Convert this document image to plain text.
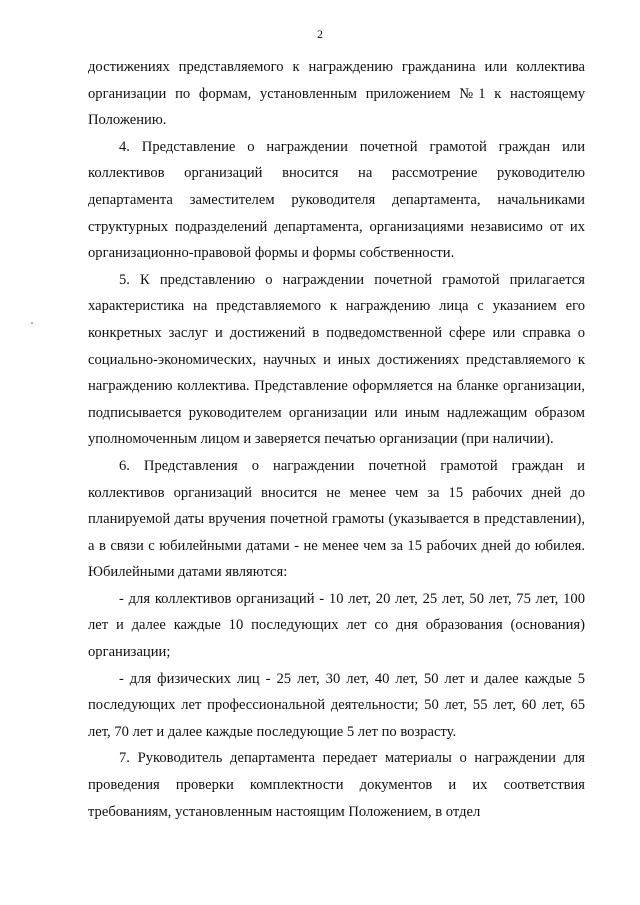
2

достижениях представляемого к награждению гражданина или коллектива организации по формам, установленным приложением №1 к настоящему Положению.

4. Представление о награждении почетной грамотой граждан или коллективов организаций вносится на рассмотрение руководителю департамента заместителем руководителя департамента, начальниками структурных подразделений департамента, организациями независимо от их организационно-правовой формы и формы собственности.

5. К представлению о награждении почетной грамотой прилагается характеристика на представляемого к награждению лица с указанием его конкретных заслуг и достижений в подведомственной сфере или справка о социально-экономических, научных и иных достижениях представляемого к награждению коллектива. Представление оформляется на бланке организации, подписывается руководителем организации или иным надлежащим образом уполномоченным лицом и заверяется печатью организации (при наличии).

6. Представления о награждении почетной грамотой граждан и коллективов организаций вносится не менее чем за 15 рабочих дней до планируемой даты вручения почетной грамоты (указывается в представлении), а в связи с юбилейными датами - не менее чем за 15 рабочих дней до юбилея. Юбилейными датами являются:

- для коллективов организаций - 10 лет, 20 лет, 25 лет, 50 лет, 75 лет, 100 лет и далее каждые 10 последующих лет со дня образования (основания) организации;

- для физических лиц - 25 лет, 30 лет, 40 лет, 50 лет и далее каждые 5 последующих лет профессиональной деятельности; 50 лет, 55 лет, 60 лет, 65 лет, 70 лет и далее каждые последующие 5 лет по возрасту.

7. Руководитель департамента передает материалы о награждении для проведения проверки комплектности документов и их соответствия требованиям, установленным настоящим Положением, в отдел
